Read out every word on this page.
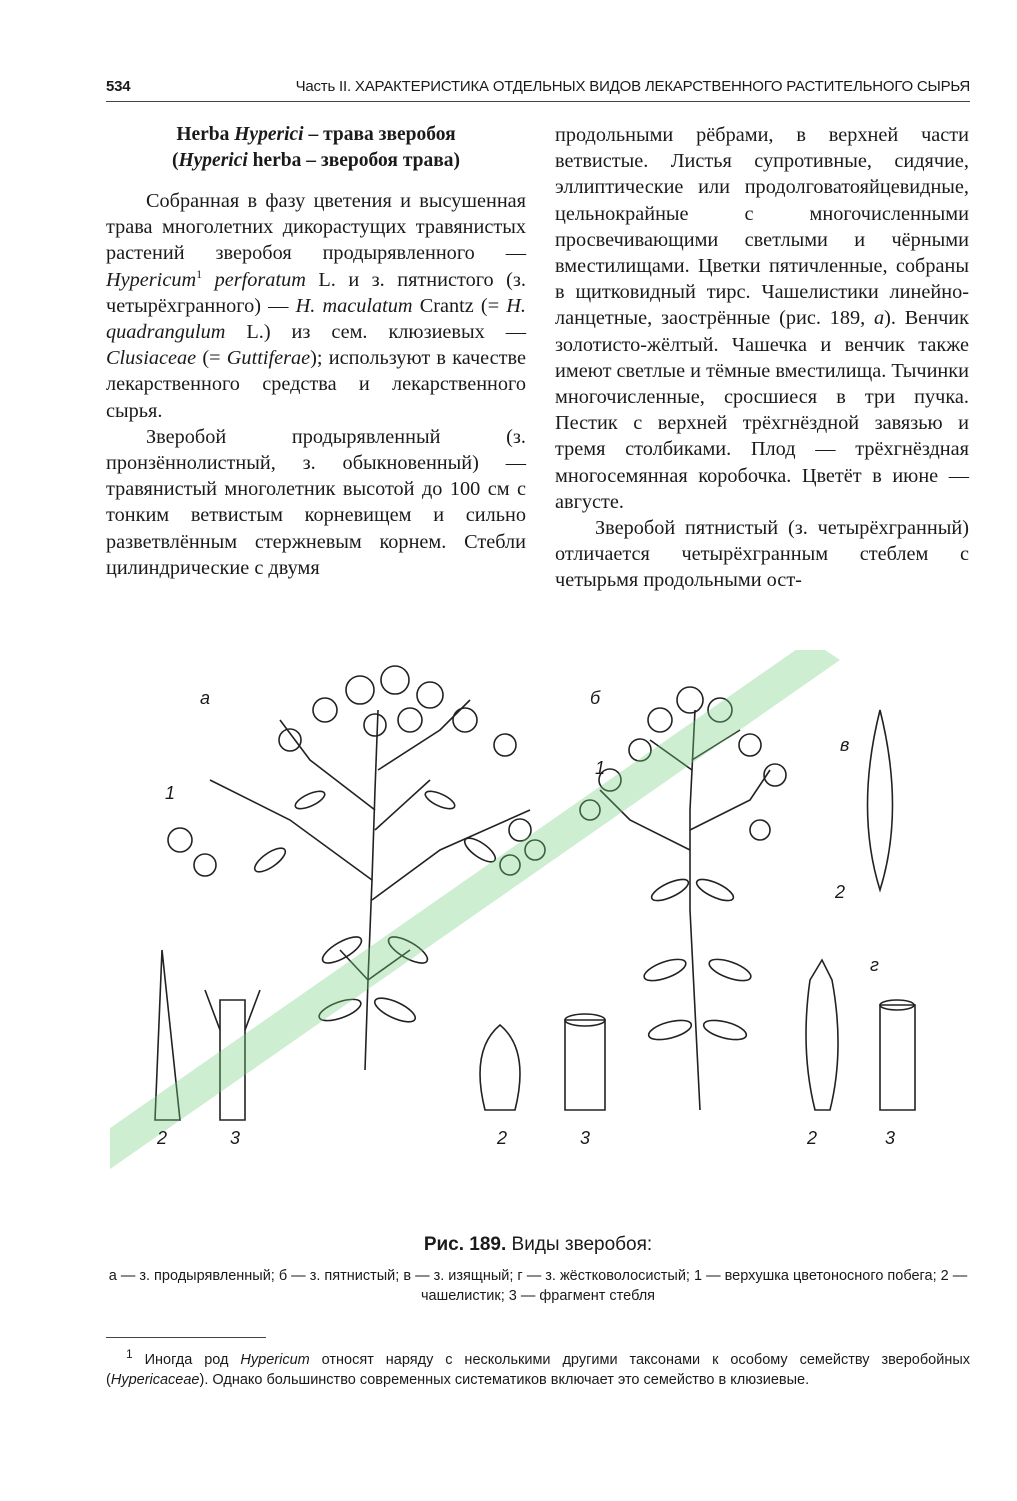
534	Часть II. ХАРАКТЕРИСТИКА ОТДЕЛЬНЫХ ВИДОВ ЛЕКАРСТВЕННОГО РАСТИТЕЛЬНОГО СЫРЬЯ
Herba Hyperici – трава зверобоя
(Hyperici herba – зверобоя трава)

Собранная в фазу цветения и высушенная трава многолетних дикорастущих травянистых растений зверобоя продырявленного — Hypericum$^1$ perforatum L. и з. пятнистого (з. четырёхгранного) — H. maculatum Crantz (= H. quadrangulum L.) из сем. клюзиевых — Clusiaceae (= Guttiferae); используют в качестве лекарственного средства и лекарственного сырья.

Зверобой продырявленный (з. пронзённолистный, з. обыкновенный) — травянистый многолетник высотой до 100 см с тонким ветвистым корневищем и сильно разветвлённым стержневым корнем. Стебли цилиндрические с двумя

продольными рёбрами, в верхней части ветвистые. Листья супротивные, сидячие, эллиптические или продолговатояйцевидные, цельнокрайные с многочисленными просвечивающими светлыми и чёрными вместилищами. Цветки пятичленные, собраны в щитковидный тирс. Чашелистики линейно-ланцетные, заострённые (рис. 189, а). Венчик золотисто-жёлтый. Чашечка и венчик также имеют светлые и тёмные вместилища. Тычинки многочисленные, сросшиеся в три пучка. Пестик с верхней трёхгнёздной завязью и тремя столбиками. Плод — трёхгнёздная многосемянная коробочка. Цветёт в июне — августе.

Зверобой пятнистый (з. четырёхгранный) отличается четырёхгранным стеблем с четырьмя продольными ост-

а	б
в
г
1
1
2	3	2	3
2
2	3
Рис. 189. Виды зверобоя:
а — з. продырявленный; б — з. пятнистый; в — з. изящный; г — з. жёстковолосистый; 1 — верхушка цветоносного побега; 2 — чашелистик; 3 — фрагмент стебля
$^1$ Иногда род Hypericum относят наряду с несколькими другими таксонами к особому семейству зверобойных (Hypericaceae). Однако большинство современных систематиков включает это семейство в клюзиевые.
